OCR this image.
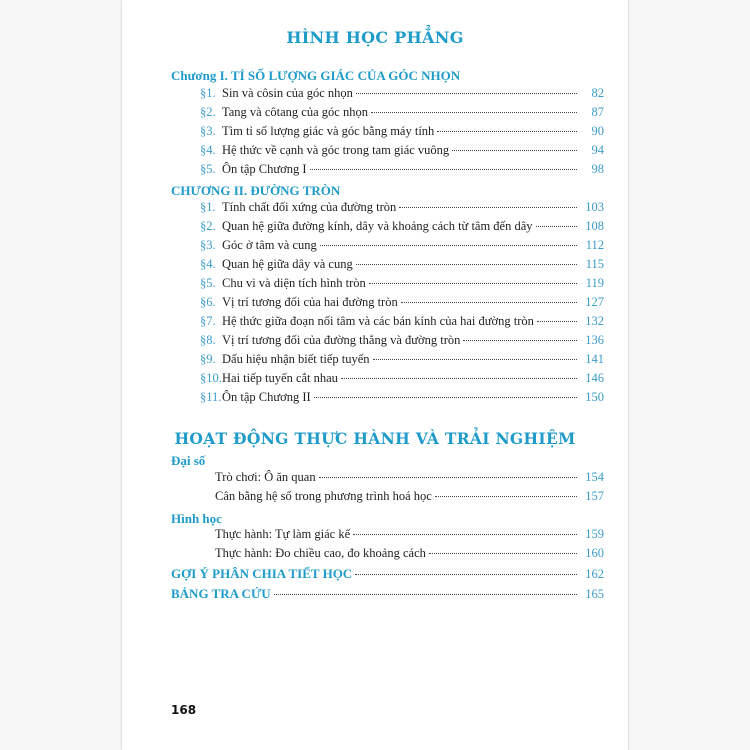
HÌNH HỌC PHẲNG
Chương I. TỈ SỐ LƯỢNG GIÁC CỦA GÓC NHỌN
§1. Sin và côsin của góc nhọn	82
§2. Tang và côtang của góc nhọn	87
§3. Tìm tỉ số lượng giác và góc bằng máy tính	90
§4. Hệ thức về cạnh và góc trong tam giác vuông	94
§5. Ôn tập Chương I	98
CHƯƠNG II. ĐƯỜNG TRÒN
§1. Tính chất đối xứng của đường tròn	103
§2. Quan hệ giữa đường kính, dây và khoảng cách từ tâm đến dây	108
§3. Góc ở tâm và cung	112
§4. Quan hệ giữa dây và cung	115
§5. Chu vi và diện tích hình tròn	119
§6. Vị trí tương đối của hai đường tròn	127
§7. Hệ thức giữa đoạn nối tâm và các bán kính của hai đường tròn	132
§8. Vị trí tương đối của đường thẳng và đường tròn	136
§9. Dấu hiệu nhận biết tiếp tuyến	141
§10. Hai tiếp tuyến cắt nhau	146
§11. Ôn tập Chương II	150
HOẠT ĐỘNG THỰC HÀNH VÀ TRẢI NGHIỆM
Đại số
Trò chơi: Ô ăn quan	154
Cân bằng hệ số trong phương trình hoá học	157
Hình học
Thực hành: Tự làm giác kế	159
Thực hành: Đo chiều cao, đo khoảng cách	160
GỢI Ý PHÂN CHIA TIẾT HỌC	162
BẢNG TRA CỨU	165
168
